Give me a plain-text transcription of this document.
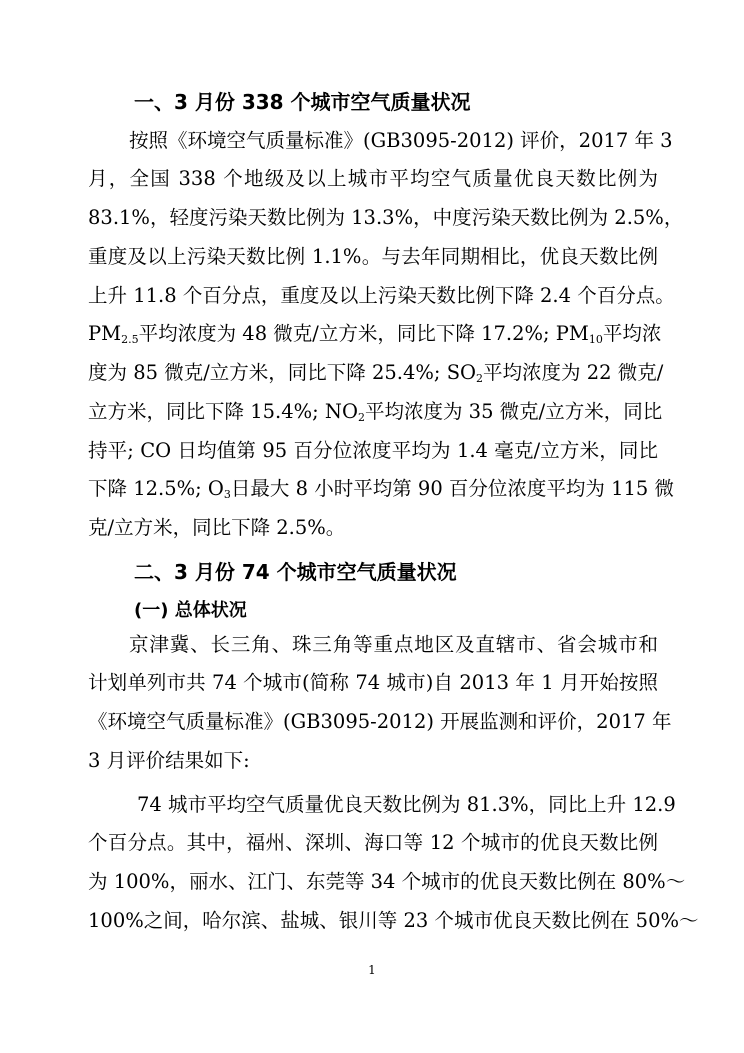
一、3 月份 338 个城市空气质量状况
按照《环境空气质量标准》(GB3095-2012) 评价，2017 年 3
月，全国 338 个地级及以上城市平均空气质量优良天数比例为
83.1%，轻度污染天数比例为 13.3%，中度污染天数比例为 2.5%，
重度及以上污染天数比例 1.1%。与去年同期相比，优良天数比例
上升 11.8 个百分点，重度及以上污染天数比例下降 2.4 个百分点。
$PM_{2.5}$平均浓度为 48 微克/立方米，同比下降 17.2%; $PM_{10}$平均浓
度为 85 微克/立方米，同比下降 25.4%; $SO_2$平均浓度为 22 微克/
立方米，同比下降 15.4%; $NO_2$平均浓度为 35 微克/立方米，同比
持平; CO 日均值第 95 百分位浓度平均为 1.4 毫克/立方米，同比
下降 12.5%; $O_3$日最大 8 小时平均第 90 百分位浓度平均为 115 微
克/立方米，同比下降 2.5%。
二、3 月份 74 个城市空气质量状况
(一) 总体状况
京津冀、长三角、珠三角等重点地区及直辖市、省会城市和
计划单列市共 74 个城市(简称 74 城市)自 2013 年 1 月开始按照
《环境空气质量标准》(GB3095-2012) 开展监测和评价，2017 年
3 月评价结果如下:
74 城市平均空气质量优良天数比例为 81.3%，同比上升 12.9
个百分点。其中，福州、深圳、海口等 12 个城市的优良天数比例
为 100%，丽水、江门、东莞等 34 个城市的优良天数比例在 80%～
100%之间，哈尔滨、盐城、银川等 23 个城市优良天数比例在 50%～
1
